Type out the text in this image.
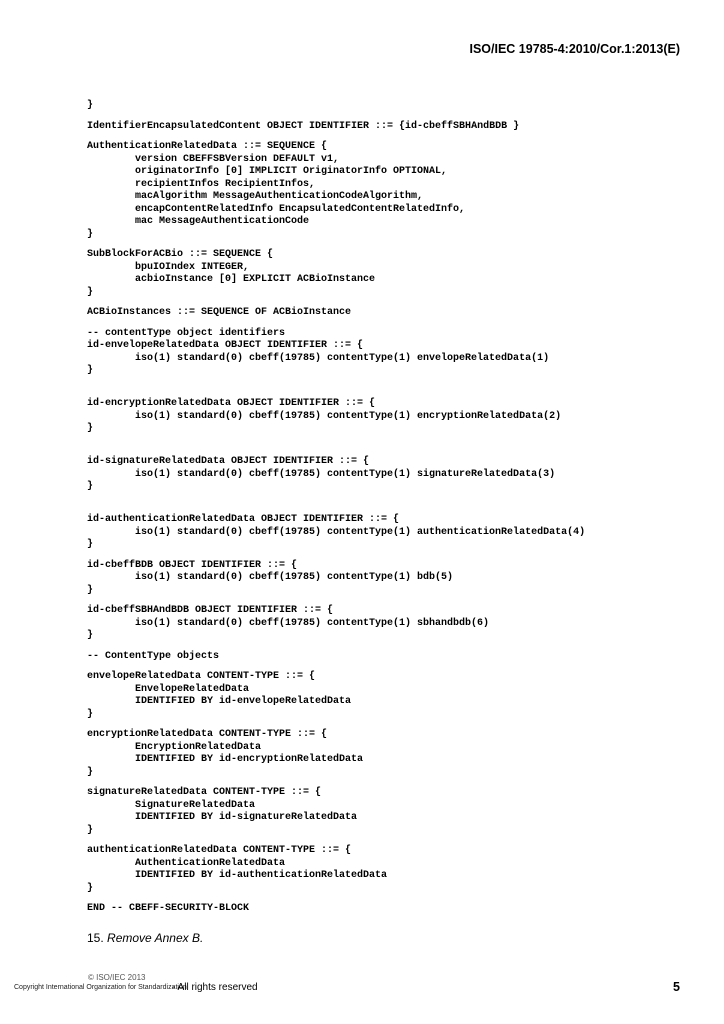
ISO/IEC 19785-4:2010/Cor.1:2013(E)
}
IdentifierEncapsulatedContent OBJECT IDENTIFIER ::= {id-cbeffSBHAndBDB }
AuthenticationRelatedData ::= SEQUENCE {
version CBEFFSBVersion DEFAULT v1,
originatorInfo [0] IMPLICIT OriginatorInfo OPTIONAL,
recipientInfos RecipientInfos,
macAlgorithm MessageAuthenticationCodeAlgorithm,
encapContentRelatedInfo EncapsulatedContentRelatedInfo,
mac MessageAuthenticationCode
}
SubBlockForACBio ::= SEQUENCE {
bpuIOIndex INTEGER,
acbioInstance [0] EXPLICIT ACBioInstance
}
ACBioInstances ::= SEQUENCE OF ACBioInstance
-- contentType object identifiers
id-envelopeRelatedData OBJECT IDENTIFIER ::= {
iso(1) standard(0) cbeff(19785) contentType(1) envelopeRelatedData(1)
}
id-encryptionRelatedData OBJECT IDENTIFIER ::= {
iso(1) standard(0) cbeff(19785) contentType(1) encryptionRelatedData(2)
}
id-signatureRelatedData OBJECT IDENTIFIER ::= {
iso(1) standard(0) cbeff(19785) contentType(1) signatureRelatedData(3)
}
id-authenticationRelatedData OBJECT IDENTIFIER ::= {
iso(1) standard(0) cbeff(19785) contentType(1) authenticationRelatedData(4)
}
id-cbeffBDB OBJECT IDENTIFIER ::= {
iso(1) standard(0) cbeff(19785) contentType(1) bdb(5)
}
id-cbeffSBHAndBDB OBJECT IDENTIFIER ::= {
iso(1) standard(0) cbeff(19785) contentType(1) sbhandbdb(6)
}
-- ContentType objects
envelopeRelatedData CONTENT-TYPE ::= {
EnvelopeRelatedData
IDENTIFIED BY id-envelopeRelatedData
}
encryptionRelatedData CONTENT-TYPE ::= {
EncryptionRelatedData
IDENTIFIED BY id-encryptionRelatedData
}
signatureRelatedData CONTENT-TYPE ::= {
SignatureRelatedData
IDENTIFIED BY id-signatureRelatedData
}
authenticationRelatedData CONTENT-TYPE ::= {
AuthenticationRelatedData
IDENTIFIED BY id-authenticationRelatedData
}
END -- CBEFF-SECURITY-BLOCK
15. Remove Annex B.
© ISO/IEC 2013
Copyright International Organization for Standardization
- All rights reserved	5
